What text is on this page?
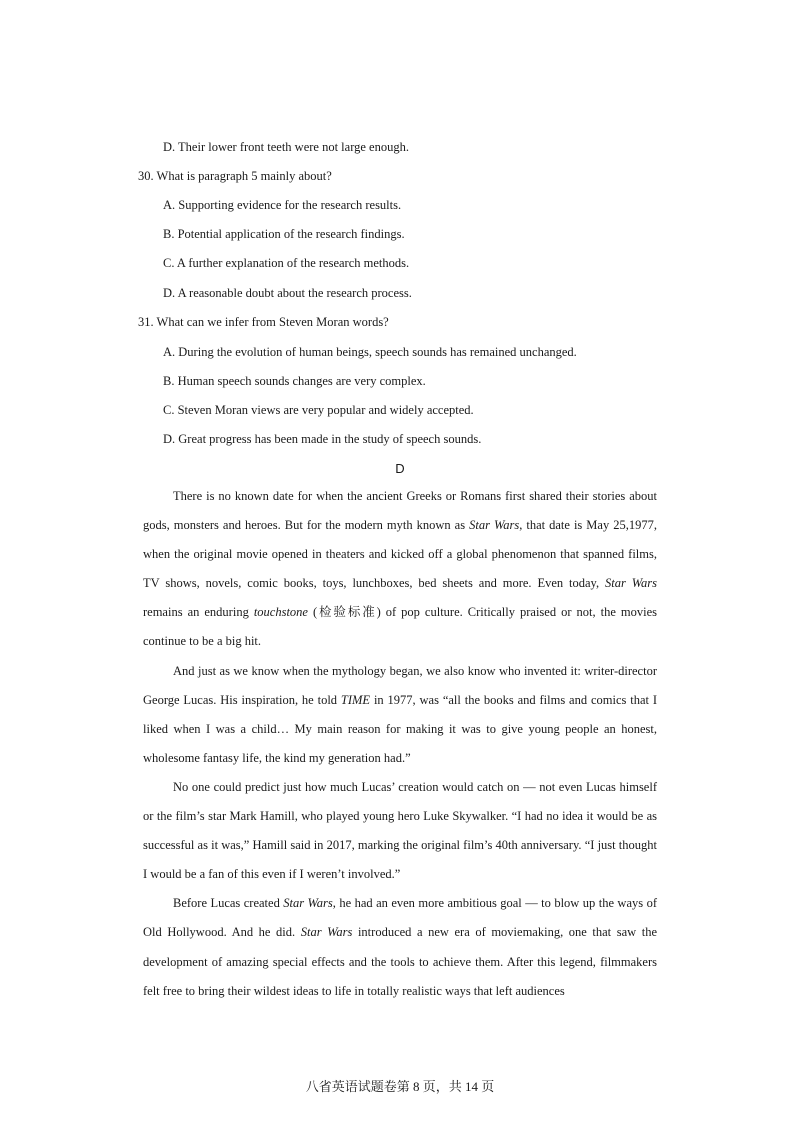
D. Their lower front teeth were not large enough.
30. What is paragraph 5 mainly about?
A. Supporting evidence for the research results.
B. Potential application of the research findings.
C. A further explanation of the research methods.
D. A reasonable doubt about the research process.
31. What can we infer from Steven Moran words?
A. During the evolution of human beings, speech sounds has remained unchanged.
B. Human speech sounds changes are very complex.
C. Steven Moran views are very popular and widely accepted.
D. Great progress has been made in the study of speech sounds.
D

There is no known date for when the ancient Greeks or Romans first shared their stories about gods, monsters and heroes. But for the modern myth known as Star Wars, that date is May 25,1977, when the original movie opened in theaters and kicked off a global phenomenon that spanned films, TV shows, novels, comic books, toys, lunchboxes, bed sheets and more. Even today, Star Wars remains an enduring touchstone (检验标准) of pop culture. Critically praised or not, the movies continue to be a big hit.

And just as we know when the mythology began, we also know who invented it: writer-director George Lucas. His inspiration, he told TIME in 1977, was “all the books and films and comics that I liked when I was a child… My main reason for making it was to give young people an honest, wholesome fantasy life, the kind my generation had.”

No one could predict just how much Lucas’ creation would catch on — not even Lucas himself or the film’s star Mark Hamill, who played young hero Luke Skywalker. “I had no idea it would be as successful as it was,” Hamill said in 2017, marking the original film’s 40th anniversary. “I just thought I would be a fan of this even if I weren’t involved.”

Before Lucas created Star Wars, he had an even more ambitious goal — to blow up the ways of Old Hollywood. And he did. Star Wars introduced a new era of moviemaking, one that saw the development of amazing special effects and the tools to achieve them. After this legend, filmmakers felt free to bring their wildest ideas to life in totally realistic ways that left audiences

八省英语试题卷第 8 页，共 14 页
